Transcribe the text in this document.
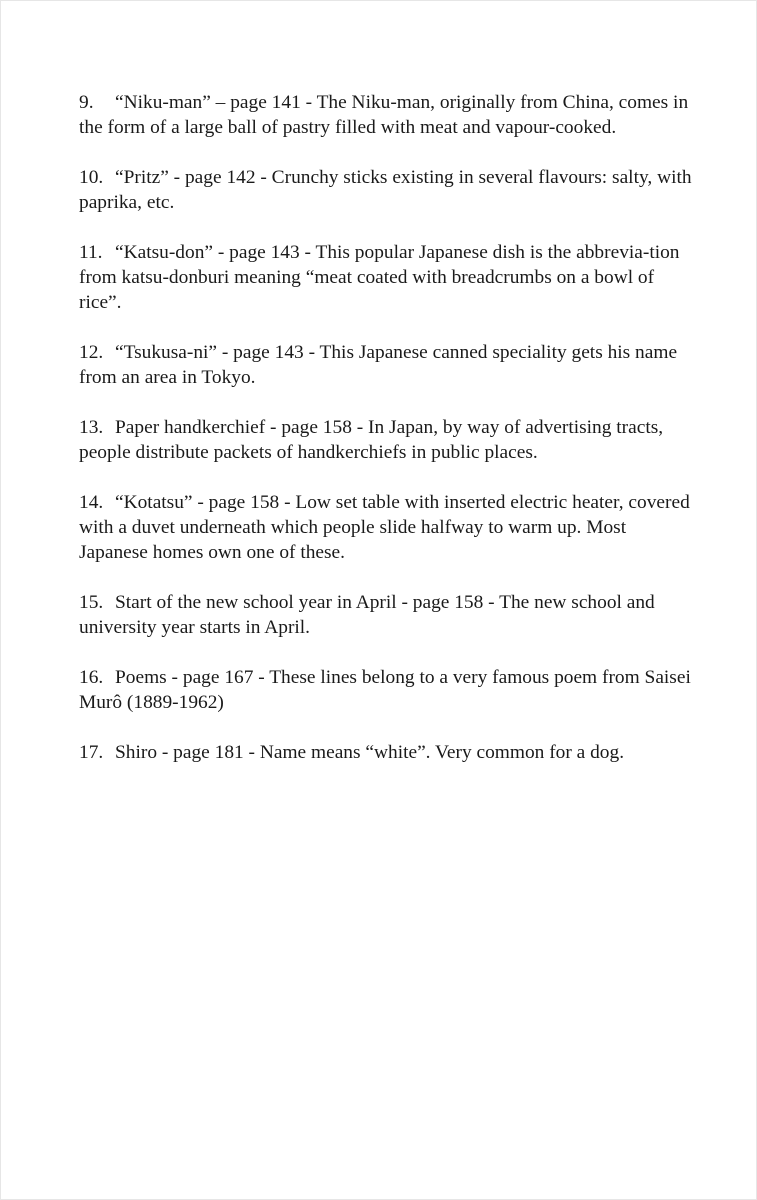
9. “Niku-man” – page 141 - The Niku-man, originally from China, comes in the form of a large ball of pastry filled with meat and vapour-cooked.

10. “Pritz” - page 142 - Crunchy sticks existing in several flavours: salty, with paprika, etc.

11. “Katsu-don” - page 143 - This popular Japanese dish is the abbrevia-tion from katsu-donburi meaning “meat coated with breadcrumbs on a bowl of rice”.

12. “Tsukusa-ni” - page 143 - This Japanese canned speciality gets his name from an area in Tokyo.

13. Paper handkerchief - page 158 - In Japan, by way of advertising tracts, people distribute packets of handkerchiefs in public places.

14. “Kotatsu” - page 158 - Low set table with inserted electric heater, covered with a duvet underneath which people slide halfway to warm up. Most Japanese homes own one of these.

15. Start of the new school year in April - page 158 - The new school and university year starts in April.

16. Poems - page 167 - These lines belong to a very famous poem from Saisei Murô (1889-1962)

17. Shiro - page 181 - Name means “white”. Very common for a dog.
